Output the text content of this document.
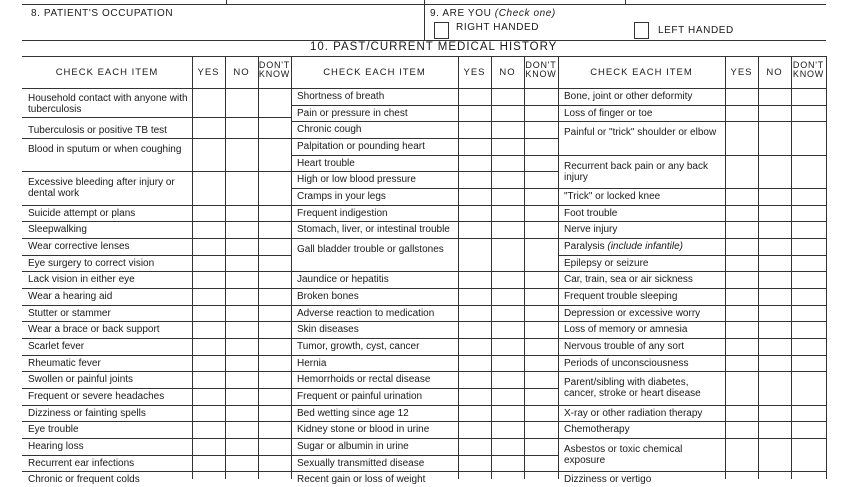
8. PATIENT'S OCCUPATION	9. ARE YOU (Check one)
RIGHT HANDED	LEFT HANDED
10. PAST/CURRENT MEDICAL HISTORY
CHECK EACH ITEM	YES	NO
DON'T
KNOW
Household contact with anyone with tuberculosis
Tuberculosis or positive TB test
Blood in sputum or when coughing
Excessive bleeding after injury or dental work
Suicide attempt or plans
Sleepwalking
Wear corrective lenses
Eye surgery to correct vision
Lack vision in either eye
Wear a hearing aid
Stutter or stammer
Wear a brace or back support
Scarlet fever
Rheumatic fever
Swollen or painful joints
Frequent or severe headaches
Dizziness or fainting spells
Eye trouble
Hearing loss
Recurrent ear infections
Chronic or frequent colds
CHECK EACH ITEM	YES	NO
DON'T
KNOW
Shortness of breath
Pain or pressure in chest
Chronic cough
Palpitation or pounding heart
Heart trouble
High or low blood pressure
Cramps in your legs
Frequent indigestion
Stomach, liver, or intestinal trouble
Gall bladder trouble or gallstones
Jaundice or hepatitis
Broken bones
Adverse reaction to medication
Skin diseases
Tumor, growth, cyst, cancer
Hernia
Hemorrhoids or rectal disease
Frequent or painful urination
Bed wetting since age 12
Kidney stone or blood in urine
Sugar or albumin in urine
Sexually transmitted disease
Recent gain or loss of weight
CHECK EACH ITEM	YES	NO
DON'T
KNOW
Bone, joint or other deformity
Loss of finger or toe
Painful or "trick" shoulder or elbow
Recurrent back pain or any back injury
"Trick" or locked knee
Foot trouble
Nerve injury
Paralysis (include infantile)
Epilepsy or seizure
Car, train, sea or air sickness
Frequent trouble sleeping
Depression or excessive worry
Loss of memory or amnesia
Nervous trouble of any sort
Periods of unconsciousness
Parent/sibling with diabetes, cancer, stroke or heart disease
X-ray or other radiation therapy
Chemotherapy
Asbestos or toxic chemical exposure
Dizziness or vertigo
